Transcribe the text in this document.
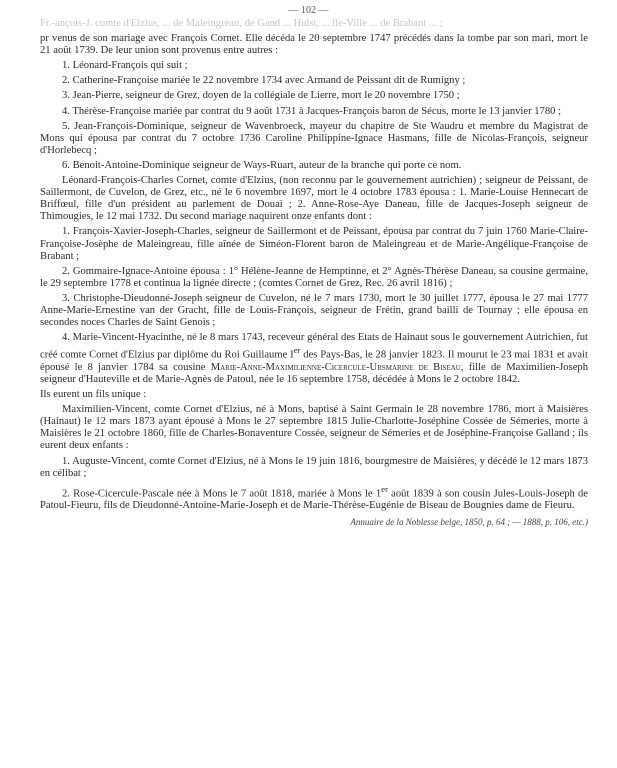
— 102 —

Fr.-ançois-J. comte d'Elzius, ... de Maleingreau, de Gand ... Hulst, ... lle-Ville ... de Brabant ... ;

pr venus de son mariage avec François Cornet. Elle décéda le 20 septembre 1747 précédés dans la tombe par son mari, mort le 21 août 1739. De leur union sont provenus entre autres :

1. Léonard-François qui suit ;

2. Catherine-Françoise mariée le 22 novembre 1734 avec Armand de Peissant dit de Rumigny ;

3. Jean-Pierre, seigneur de Grez, doyen de la collégiale de Lierre, mort le 20 novembre 1750 ;

4. Thérèse-Françoise mariée par contrat du 9 août 1731 à Jacques-François baron de Sécus, morte le 13 janvier 1780 ;

5. Jean-François-Dominique, seigneur de Wavenbroeck, mayeur du chapitre de Ste Waudru et membre du Magistrat de Mons qui épousa par contrat du 7 octobre 1736 Caroline Philippine-Ignace Hasmans, fille de Nicolas-François, seigneur d'Horlebecq ;

6. Benoit-Antoine-Dominique seigneur de Ways-Ruart, auteur de la branche qui porte ce nom.

Léonard-François-Charles Cornet, comte d'Elzius, (non reconnu par le gouvernement autrichien) ; seigneur de Peissant, de Saillermont, de Cuvelon, de Grez, etc., né le 6 novembre 1697, mort le 4 octobre 1783 épousa : 1. Marie-Louise Hennecart de Briffœul, fille d'un président au parlement de Douai ; 2. Anne-Rose-Aye Daneau, fille de Jacques-Joseph seigneur de Thimougies, le 12 mai 1732. Du second mariage naquirent onze enfants dont :

1. François-Xavier-Joseph-Charles, seigneur de Saillermont et de Peissant, épousa par contrat du 7 juin 1760 Marie-Claire-Françoise-Josèphe de Maleingreau, fille aînée de Siméon-Florent baron de Maleingreau et de Marie-Angélique-Françoise de Brabant ;

2. Gommaire-Ignace-Antoine épousa : 1° Hélène-Jeanne de Hemptinne, et 2° Agnès-Thérèse Daneau, sa cousine germaine, le 29 septembre 1778 et continua la lignée directe ; (comtes Cornet de Grez, Rec. 26 avril 1816) ;

3. Christophe-Dieudonné-Joseph seigneur de Cuvelon, né le 7 mars 1730, mort le 30 juillet 1777, épousa le 27 mai 1777 Anne-Marie-Ernestine van der Gracht, fille de Louis-François, seigneur de Frétin, grand bailli de Tournay ; elle épousa en secondes noces Charles de Saint Genois ;

4. Marie-Vincent-Hyacinthe, né le 8 mars 1743, receveur général des Etats de Hainaut sous le gouvernement Autrichien, fut créé comte Cornet d'Elzius par diplôme du Roi Guillaume Ier des Pays-Bas, le 28 janvier 1823. Il mourut le 23 mai 1831 et avait épousé le 8 janvier 1784 sa cousine Marie-Anne-Maximilienne-Cicercule-Ursmarine de Biseau, fille de Maximilien-Joseph seigneur d'Hauteville et de Marie-Agnès de Patoul, née le 16 septembre 1758, décédée à Mons le 2 octobre 1842.

Ils eurent un fils unique :

Maximilien-Vincent, comte Cornet d'Elzius, né à Mons, baptisé à Saint Germain le 28 novembre 1786, mort à Maisières (Hainaut) le 12 mars 1873 ayant épousé à Mons le 27 septembre 1815 Julie-Charlotte-Joséphine Cossée de Sémeries, morte à Maisières le 21 octobre 1860, fille de Charles-Bonaventure Cossée, seigneur de Sémeries et de Joséphine-Françoise Galland ; ils eurent deux enfants :

1. Auguste-Vincent, comte Cornet d'Elzius, né à Mons le 19 juin 1816, bourgmestre de Maisières, y décédé le 12 mars 1873 en célibat ;

2. Rose-Cicercule-Pascale née à Mons le 7 août 1818, mariée à Mons le 1er août 1839 à son cousin Jules-Louis-Joseph de Patoul-Fieuru, fils de Dieudonné-Antoine-Marie-Joseph et de Marie-Thérèse-Eugénie de Biseau de Bougnies dame de Fieuru.

Annuaire de la Noblesse belge, 1850, p. 64 ; — 1888, p. 106, etc.)
